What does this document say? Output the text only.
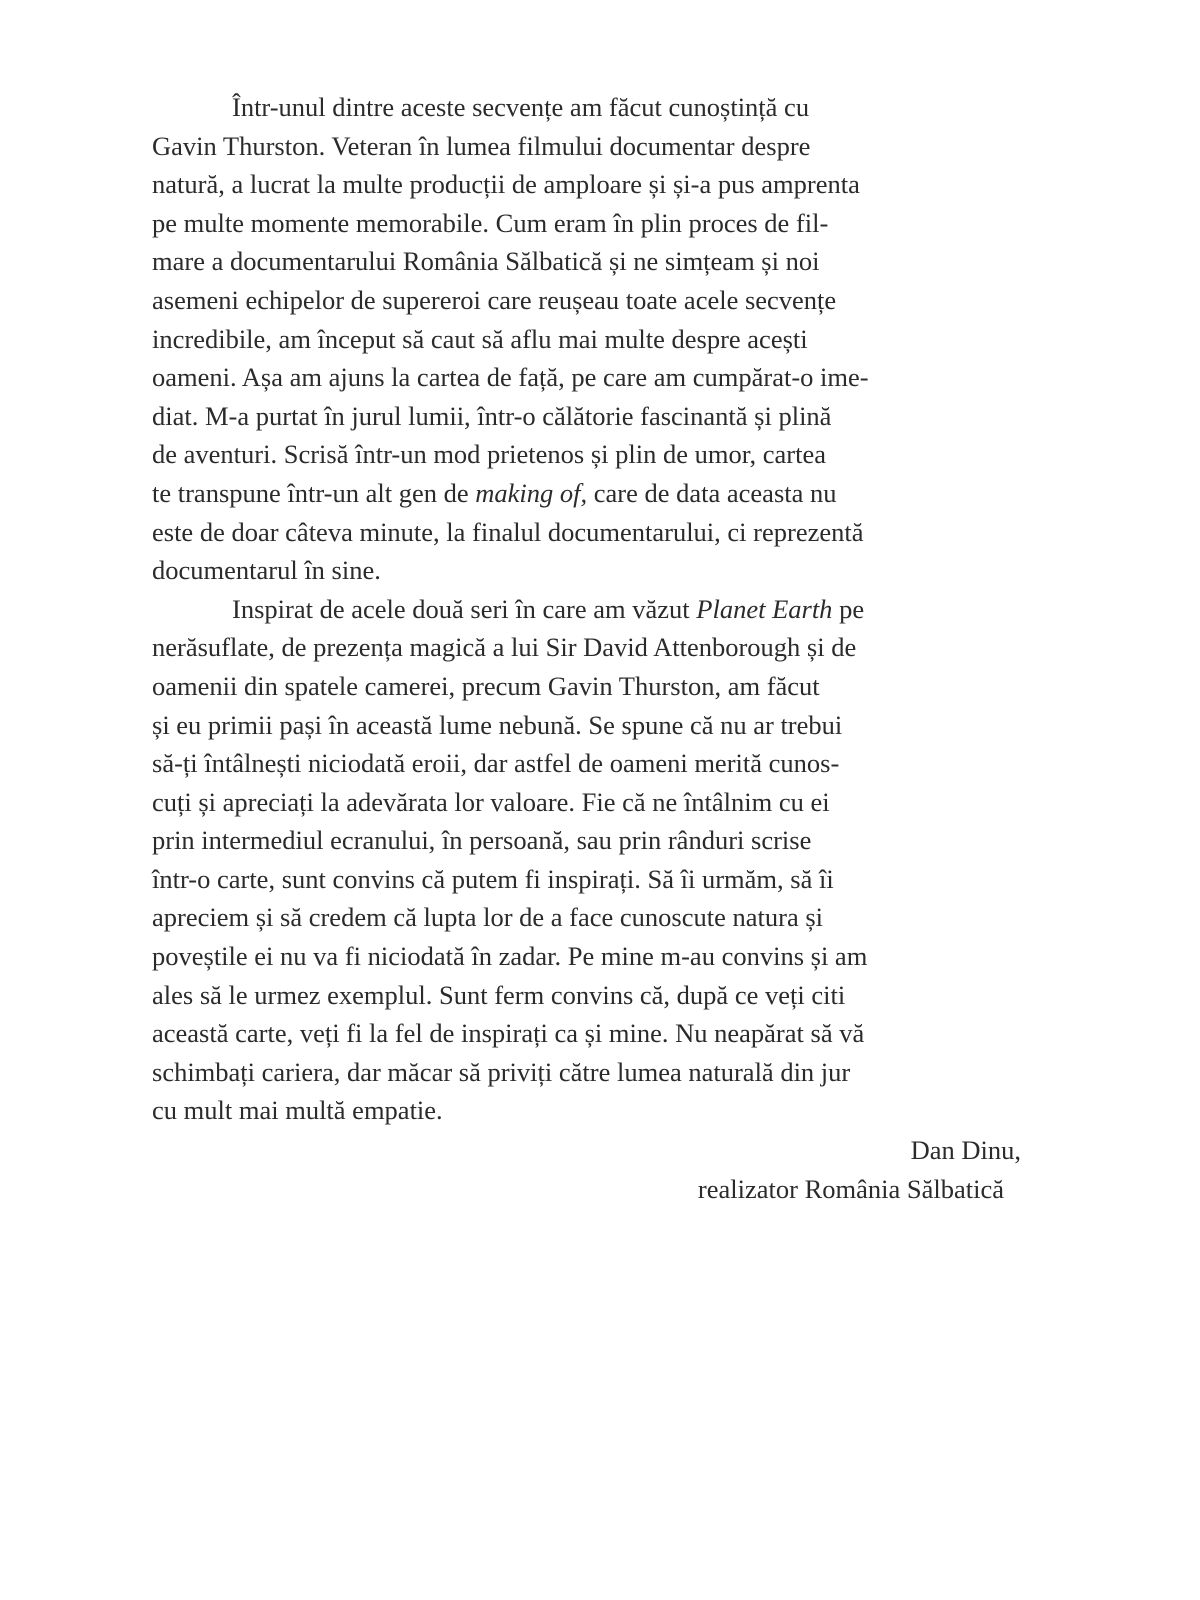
Într-unul dintre aceste secvențe am făcut cunoștință cu
Gavin Thurston. Veteran în lumea filmului documentar despre
natură, a lucrat la multe producții de amploare și și-a pus amprenta
pe multe momente memorabile. Cum eram în plin proces de fil-
mare a documentarului România Sălbatică și ne simțeam și noi
asemeni echipelor de supereroi care reușeau toate acele secvențe
incredibile, am început să caut să aflu mai multe despre acești
oameni. Așa am ajuns la cartea de față, pe care am cumpărat-o ime-
diat. M-a purtat în jurul lumii, într-o călătorie fascinantă și plină
de aventuri. Scrisă într-un mod prietenos și plin de umor, cartea
te transpune într-un alt gen de making of, care de data aceasta nu
este de doar câteva minute, la finalul documentarului, ci reprezentă
documentarul în sine.
Inspirat de acele două seri în care am văzut Planet Earth pe
nerăsuflate, de prezența magică a lui Sir David Attenborough și de
oamenii din spatele camerei, precum Gavin Thurston, am făcut
și eu primii pași în această lume nebună. Se spune că nu ar trebui
să-ți întâlnești niciodată eroii, dar astfel de oameni merită cunos-
cuți și apreciați la adevărata lor valoare. Fie că ne întâlnim cu ei
prin intermediul ecranului, în persoană, sau prin rânduri scrise
într-o carte, sunt convins că putem fi inspirați. Să îi urmăm, să îi
apreciem și să credem că lupta lor de a face cunoscute natura și
poveștile ei nu va fi niciodată în zadar. Pe mine m-au convins și am
ales să le urmez exemplul. Sunt ferm convins că, după ce veți citi
această carte, veți fi la fel de inspirați ca și mine. Nu neapărat să vă
schimbați cariera, dar măcar să priviți către lumea naturală din jur
cu mult mai multă empatie.
Dan Dinu,
realizator România Sălbatică
